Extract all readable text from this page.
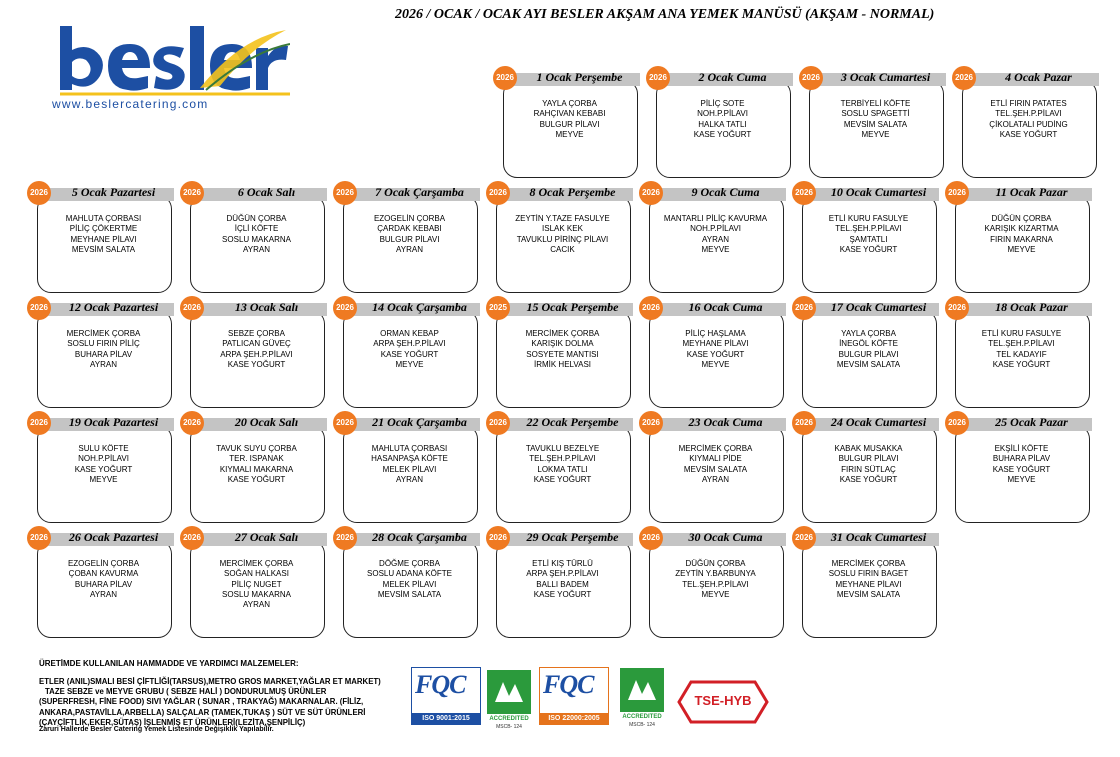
2026 / OCAK / OCAK AYI BESLER AKŞAM ANA YEMEK MANÜSÜ (AKŞAM - NORMAL)
www.beslercatering.com
1 Ocak Perşembe
2026
YAYLA ÇORBA
RAHÇIVAN KEBABI
BULGUR PİLAVI
MEYVE
2 Ocak Cuma
2026
PİLİÇ SOTE
NOH.P.PİLAVI
HALKA TATLI
KASE YOĞURT
3 Ocak Cumartesi
2026
TERBİYELİ KÖFTE
SOSLU SPAGETTİ
MEVSİM SALATA
MEYVE
4 Ocak Pazar
2026
ETLİ FIRIN PATATES
TEL.ŞEH.P.PİLAVI
ÇİKOLATALI PUDİNG
KASE YOĞURT
5 Ocak Pazartesi
2026
MAHLUTA ÇORBASI
PİLİÇ ÇÖKERTME
MEYHANE PİLAVI
MEVSİM SALATA
6 Ocak Salı
2026
DÜĞÜN ÇORBA
İÇLİ KÖFTE
SOSLU MAKARNA
AYRAN
7 Ocak Çarşamba
2026
EZOGELİN ÇORBA
ÇARDAK KEBABI
BULGUR PİLAVI
AYRAN
8 Ocak Perşembe
2026
ZEYTİN Y.TAZE FASULYE
ISLAK KEK
TAVUKLU PİRİNÇ PİLAVI
CACIK
9 Ocak Cuma
2026
MANTARLI PİLİÇ KAVURMA
NOH.P.PİLAVI
AYRAN
MEYVE
10 Ocak Cumartesi
2026
ETLİ KURU FASULYE
TEL.ŞEH.P.PİLAVI
ŞAMTATLI
KASE YOĞURT
11 Ocak Pazar
2026
DÜĞÜN ÇORBA
KARIŞIK KIZARTMA
FIRIN MAKARNA
MEYVE
12 Ocak Pazartesi
2026
MERCİMEK ÇORBA
SOSLU FIRIN PİLİÇ
BUHARA PİLAV
AYRAN
13 Ocak Salı
2026
SEBZE ÇORBA
PATLICAN GÜVEÇ
ARPA ŞEH.P.PİLAVI
KASE YOĞURT
14 Ocak Çarşamba
2026
ORMAN KEBAP
ARPA ŞEH.P.PİLAVI
KASE YOĞURT
MEYVE
15 Ocak Perşembe
2025
MERCİMEK ÇORBA
KARIŞIK DOLMA
SOSYETE MANTISI
İRMİK HELVASI
16 Ocak Cuma
2026
PİLİÇ HAŞLAMA
MEYHANE PİLAVI
KASE YOĞURT
MEYVE
17 Ocak Cumartesi
2026
YAYLA ÇORBA
İNEGÖL KÖFTE
BULGUR PİLAVI
MEVSİM SALATA
18 Ocak Pazar
2026
ETLİ KURU FASULYE
TEL.ŞEH.P.PİLAVI
TEL KADAYIF
KASE YOĞURT
19 Ocak Pazartesi
2026
SULU KÖFTE
NOH.P.PİLAVI
KASE YOĞURT
MEYVE
20 Ocak Salı
2026
TAVUK SUYU ÇORBA
TER. ISPANAK
KIYMALI MAKARNA
KASE YOĞURT
21 Ocak Çarşamba
2026
MAHLUTA ÇORBASI
HASANPAŞA KÖFTE
MELEK PİLAVI
AYRAN
22 Ocak Perşembe
2026
TAVUKLU BEZELYE
TEL.ŞEH.P.PİLAVI
LOKMA TATLI
KASE YOĞURT
23 Ocak Cuma
2026
MERCİMEK ÇORBA
KIYMALI PİDE
MEVSİM SALATA
AYRAN
24 Ocak Cumartesi
2026
KABAK MUSAKKA
BULGUR PİLAVI
FIRIN SÜTLAÇ
KASE YOĞURT
25 Ocak Pazar
2026
EKŞİLİ KÖFTE
BUHARA PİLAV
KASE YOĞURT
MEYVE
26 Ocak Pazartesi
2026
EZOGELİN ÇORBA
ÇOBAN KAVURMA
BUHARA PİLAV
AYRAN
27 Ocak Salı
2026
MERCİMEK ÇORBA
SOĞAN HALKASI
PİLİÇ NUGET
SOSLU MAKARNA
AYRAN
28 Ocak Çarşamba
2026
DÖĞME ÇORBA
SOSLU ADANA KÖFTE
MELEK PİLAVI
MEVSİM SALATA
29 Ocak Perşembe
2026
ETLİ KIŞ TÜRLÜ
ARPA ŞEH.P.PİLAVI
BALLI BADEM
KASE YOĞURT
30 Ocak Cuma
2026
DÜĞÜN ÇORBA
ZEYTİN Y.BARBUNYA
TEL.ŞEH.P.PİLAVI
MEYVE
31 Ocak Cumartesi
2026
MERCİMEK ÇORBA
SOSLU FIRIN BAGET
MEYHANE PİLAVI
MEVSİM SALATA
ÜRETİMDE KULLANILAN HAMMADDE VE YARDIMCI MALZEMELER:
ETLER (ANIL)SMALI BESİ ÇİFTLİĞİ(TARSUS),METRO GROS MARKET,YAĞLAR ET MARKET)
TAZE SEBZE ve MEYVE GRUBU ( SEBZE HALİ ) DONDURULMUŞ ÜRÜNLER
(SUPERFRESH, FİNE FOOD) SIVI YAĞLAR ( SUNAR , TRAKYAĞ) MAKARNALAR. (FİLİZ,
ANKARA,PASTAVİLLA,ARBELLA) SALÇALAR (TAMEK,TUKAŞ ) SÜT VE SÜT ÜRÜNLERİ
(ÇAYÇİFTLİK,EKER,SÜTAŞ) İŞLENMİŞ ET ÜRÜNLERİ(LEZİTA,ŞENPİLİÇ)
Zaruri Hallerde Besler Catering Yemek Listesinde Değişiklik Yapılabilir.
FQC
ISO 9001:2015	ACCREDITED
MSCB- 124
FQC
ISO 22000:2005	ACCREDITED
MSCB- 124
TSE-HYB
